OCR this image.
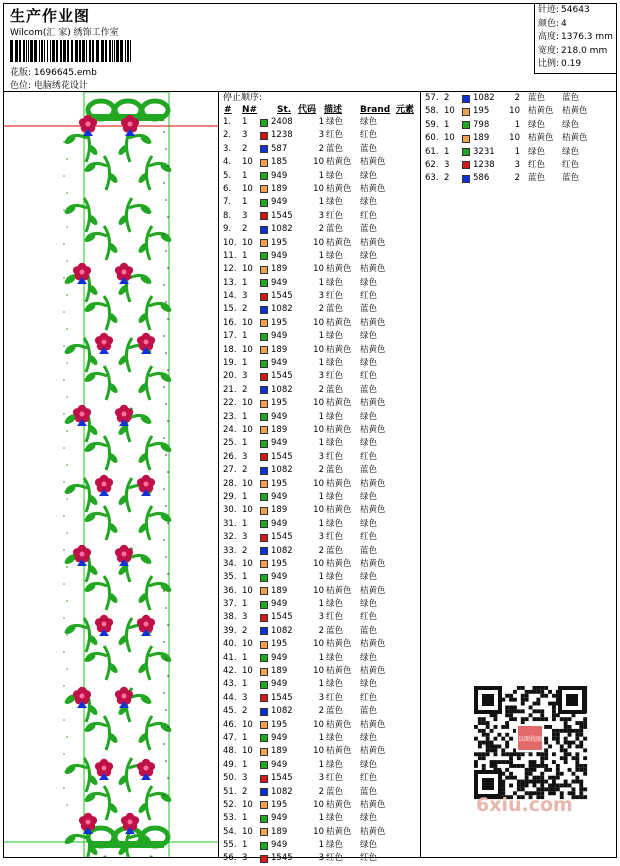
生产作业图
Wilcom(汇 家) 绣饰工作室
花版: 1696645.emb
色位: 电脑绣花设计
针迹: 54643
颜色: 4
高度: 1376.3 mm
宽度: 218.0 mm
比例: 0.19
停止顺序:
# N# St. 代码 描述 Brand 元素
1. 1	2408	1 绿色 绿色
2. 3	1238	3 红色 红色
3. 2	587	2 蓝色 蓝色
4. 10 185	10 桔黄色 桔黄色
5. 1	949	1 绿色 绿色
6. 10 189	10 桔黄色 桔黄色
7. 1	949	1 绿色 绿色
8. 3	1545	3 红色 红色
9. 2	1082	2 蓝色 蓝色
10. 10 195	10 桔黄色 桔黄色
11. 1	949	1 绿色 绿色
12. 10 189	10 桔黄色 桔黄色
13. 1	949	1 绿色 绿色
14. 3	1545	3 红色 红色
15. 2	1082	2 蓝色 蓝色
16. 10 195	10 桔黄色 桔黄色
17. 1	949	1 绿色 绿色
18. 10 189	10 桔黄色 桔黄色
19. 1	949	1 绿色 绿色
20. 3	1545	3 红色 红色
21. 2	1082	2 蓝色 蓝色
22. 10 195	10 桔黄色 桔黄色
23. 1	949	1 绿色 绿色
24. 10 189	10 桔黄色 桔黄色
25. 1	949	1 绿色 绿色
26. 3	1545	3 红色 红色
27. 2	1082	2 蓝色 蓝色
28. 10 195	10 桔黄色 桔黄色
29. 1	949	1 绿色 绿色
30. 10 189	10 桔黄色 桔黄色
31. 1	949	1 绿色 绿色
32. 3	1545	3 红色 红色
33. 2	1082	2 蓝色 蓝色
34. 10 195	10 桔黄色 桔黄色
35. 1	949	1 绿色 绿色
36. 10 189	10 桔黄色 桔黄色
37. 1	949	1 绿色 绿色
38. 3	1545	3 红色 红色
39. 2	1082	2 蓝色 蓝色
40. 10 195	10 桔黄色 桔黄色
41. 1	949	1 绿色 绿色
42. 10 189	10 桔黄色 桔黄色
43. 1	949	1 绿色 绿色
44. 3	1545	3 红色 红色
45. 2	1082	2 蓝色 蓝色
46. 10 195	10 桔黄色 桔黄色
47. 1	949	1 绿色 绿色
48. 10 189	10 桔黄色 桔黄色
49. 1	949	1 绿色 绿色
50. 3	1545	3 红色 红色
51. 2	1082	2 蓝色 蓝色
52. 10 195	10 桔黄色 桔黄色
53. 1	949	1 绿色 绿色
54. 10 189	10 桔黄色 桔黄色
55. 1	949	1 绿色 绿色
56. 3	1545	3 红色 红色
57. 2	1082 2 蓝色 蓝色
58. 10 195 10 桔黄色 桔黄色
59. 1	798	1 绿色 绿色
60. 10 189 10 桔黄色 桔黄色
61. 1	3231 1 绿色 绿色
62. 3	1238 3 红色 红色
63. 2	586	2 蓝色 蓝色
以图找图
6xiu.com
